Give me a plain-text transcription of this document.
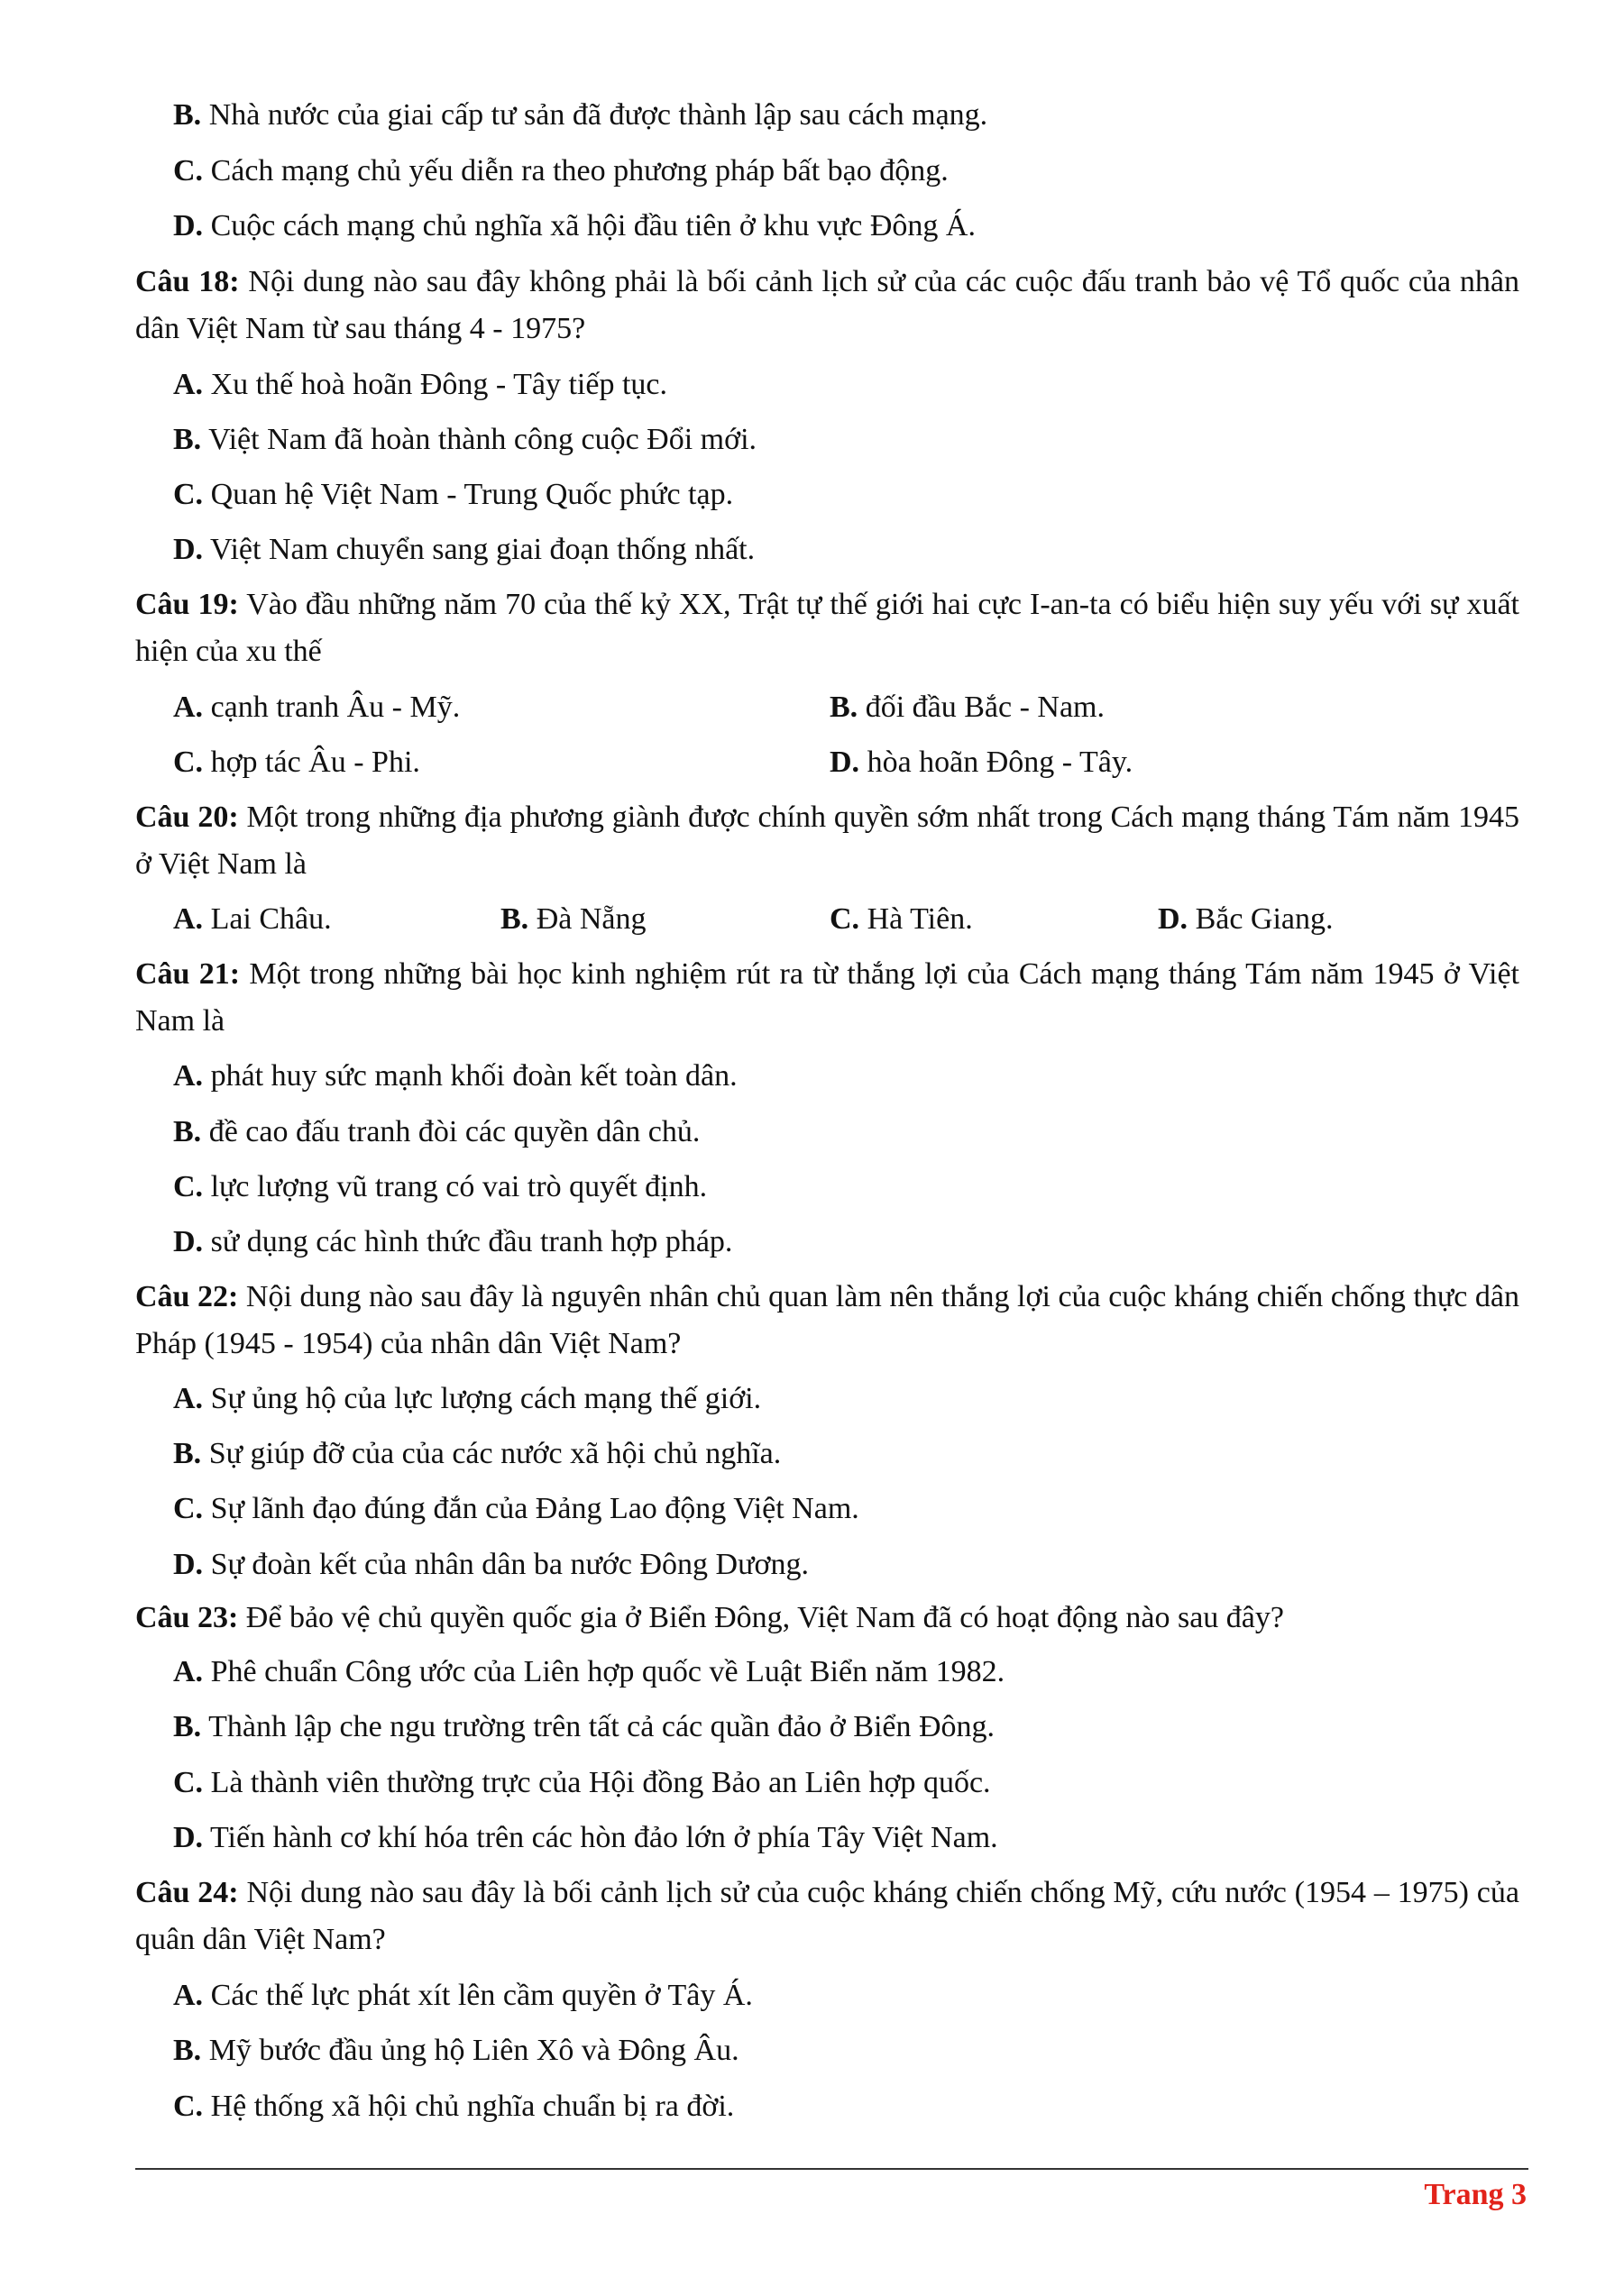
B. Nhà nước của giai cấp tư sản đã được thành lập sau cách mạng.
C. Cách mạng chủ yếu diễn ra theo phương pháp bất bạo động.
D. Cuộc cách mạng chủ nghĩa xã hội đầu tiên ở khu vực Đông Á.
Câu 18: Nội dung nào sau đây không phải là bối cảnh lịch sử của các cuộc đấu tranh bảo vệ Tổ quốc của nhân dân Việt Nam từ sau tháng 4 - 1975?
A. Xu thế hoà hoãn Đông - Tây tiếp tục.
B. Việt Nam đã hoàn thành công cuộc Đổi mới.
C. Quan hệ Việt Nam - Trung Quốc phức tạp.
D. Việt Nam chuyển sang giai đoạn thống nhất.
Câu 19: Vào đầu những năm 70 của thế kỷ XX, Trật tự thế giới hai cực I-an-ta có biểu hiện suy yếu với sự xuất hiện của xu thế
A. cạnh tranh Âu - Mỹ.	B. đối đầu Bắc - Nam.
C. hợp tác Âu - Phi.	D. hòa hoãn Đông - Tây.
Câu 20: Một trong những địa phương giành được chính quyền sớm nhất trong Cách mạng tháng Tám năm 1945 ở Việt Nam là
A. Lai Châu.	B. Đà Nẵng	C. Hà Tiên.	D. Bắc Giang.
Câu 21: Một trong những bài học kinh nghiệm rút ra từ thắng lợi của Cách mạng tháng Tám năm 1945 ở Việt Nam là
A. phát huy sức mạnh khối đoàn kết toàn dân.
B. đề cao đấu tranh đòi các quyền dân chủ.
C. lực lượng vũ trang có vai trò quyết định.
D. sử dụng các hình thức đầu tranh hợp pháp.
Câu 22: Nội dung nào sau đây là nguyên nhân chủ quan làm nên thắng lợi của cuộc kháng chiến chống thực dân Pháp (1945 - 1954) của nhân dân Việt Nam?
A. Sự ủng hộ của lực lượng cách mạng thế giới.
B. Sự giúp đỡ của của các nước xã hội chủ nghĩa.
C. Sự lãnh đạo đúng đắn của Đảng Lao động Việt Nam.
D. Sự đoàn kết của nhân dân ba nước Đông Dương.
Câu 23: Để bảo vệ chủ quyền quốc gia ở Biển Đông, Việt Nam đã có hoạt động nào sau đây?
A. Phê chuẩn Công ước của Liên hợp quốc về Luật Biển năm 1982.
B. Thành lập che ngu trường trên tất cả các quần đảo ở Biển Đông.
C. Là thành viên thường trực của Hội đồng Bảo an Liên hợp quốc.
D. Tiến hành cơ khí hóa trên các hòn đảo lớn ở phía Tây Việt Nam.
Câu 24: Nội dung nào sau đây là bối cảnh lịch sử của cuộc kháng chiến chống Mỹ, cứu nước (1954 – 1975) của quân dân Việt Nam?
A. Các thế lực phát xít lên cầm quyền ở Tây Á.
B. Mỹ bước đầu ủng hộ Liên Xô và Đông Âu.
C. Hệ thống xã hội chủ nghĩa chuẩn bị ra đời.
Trang 3
